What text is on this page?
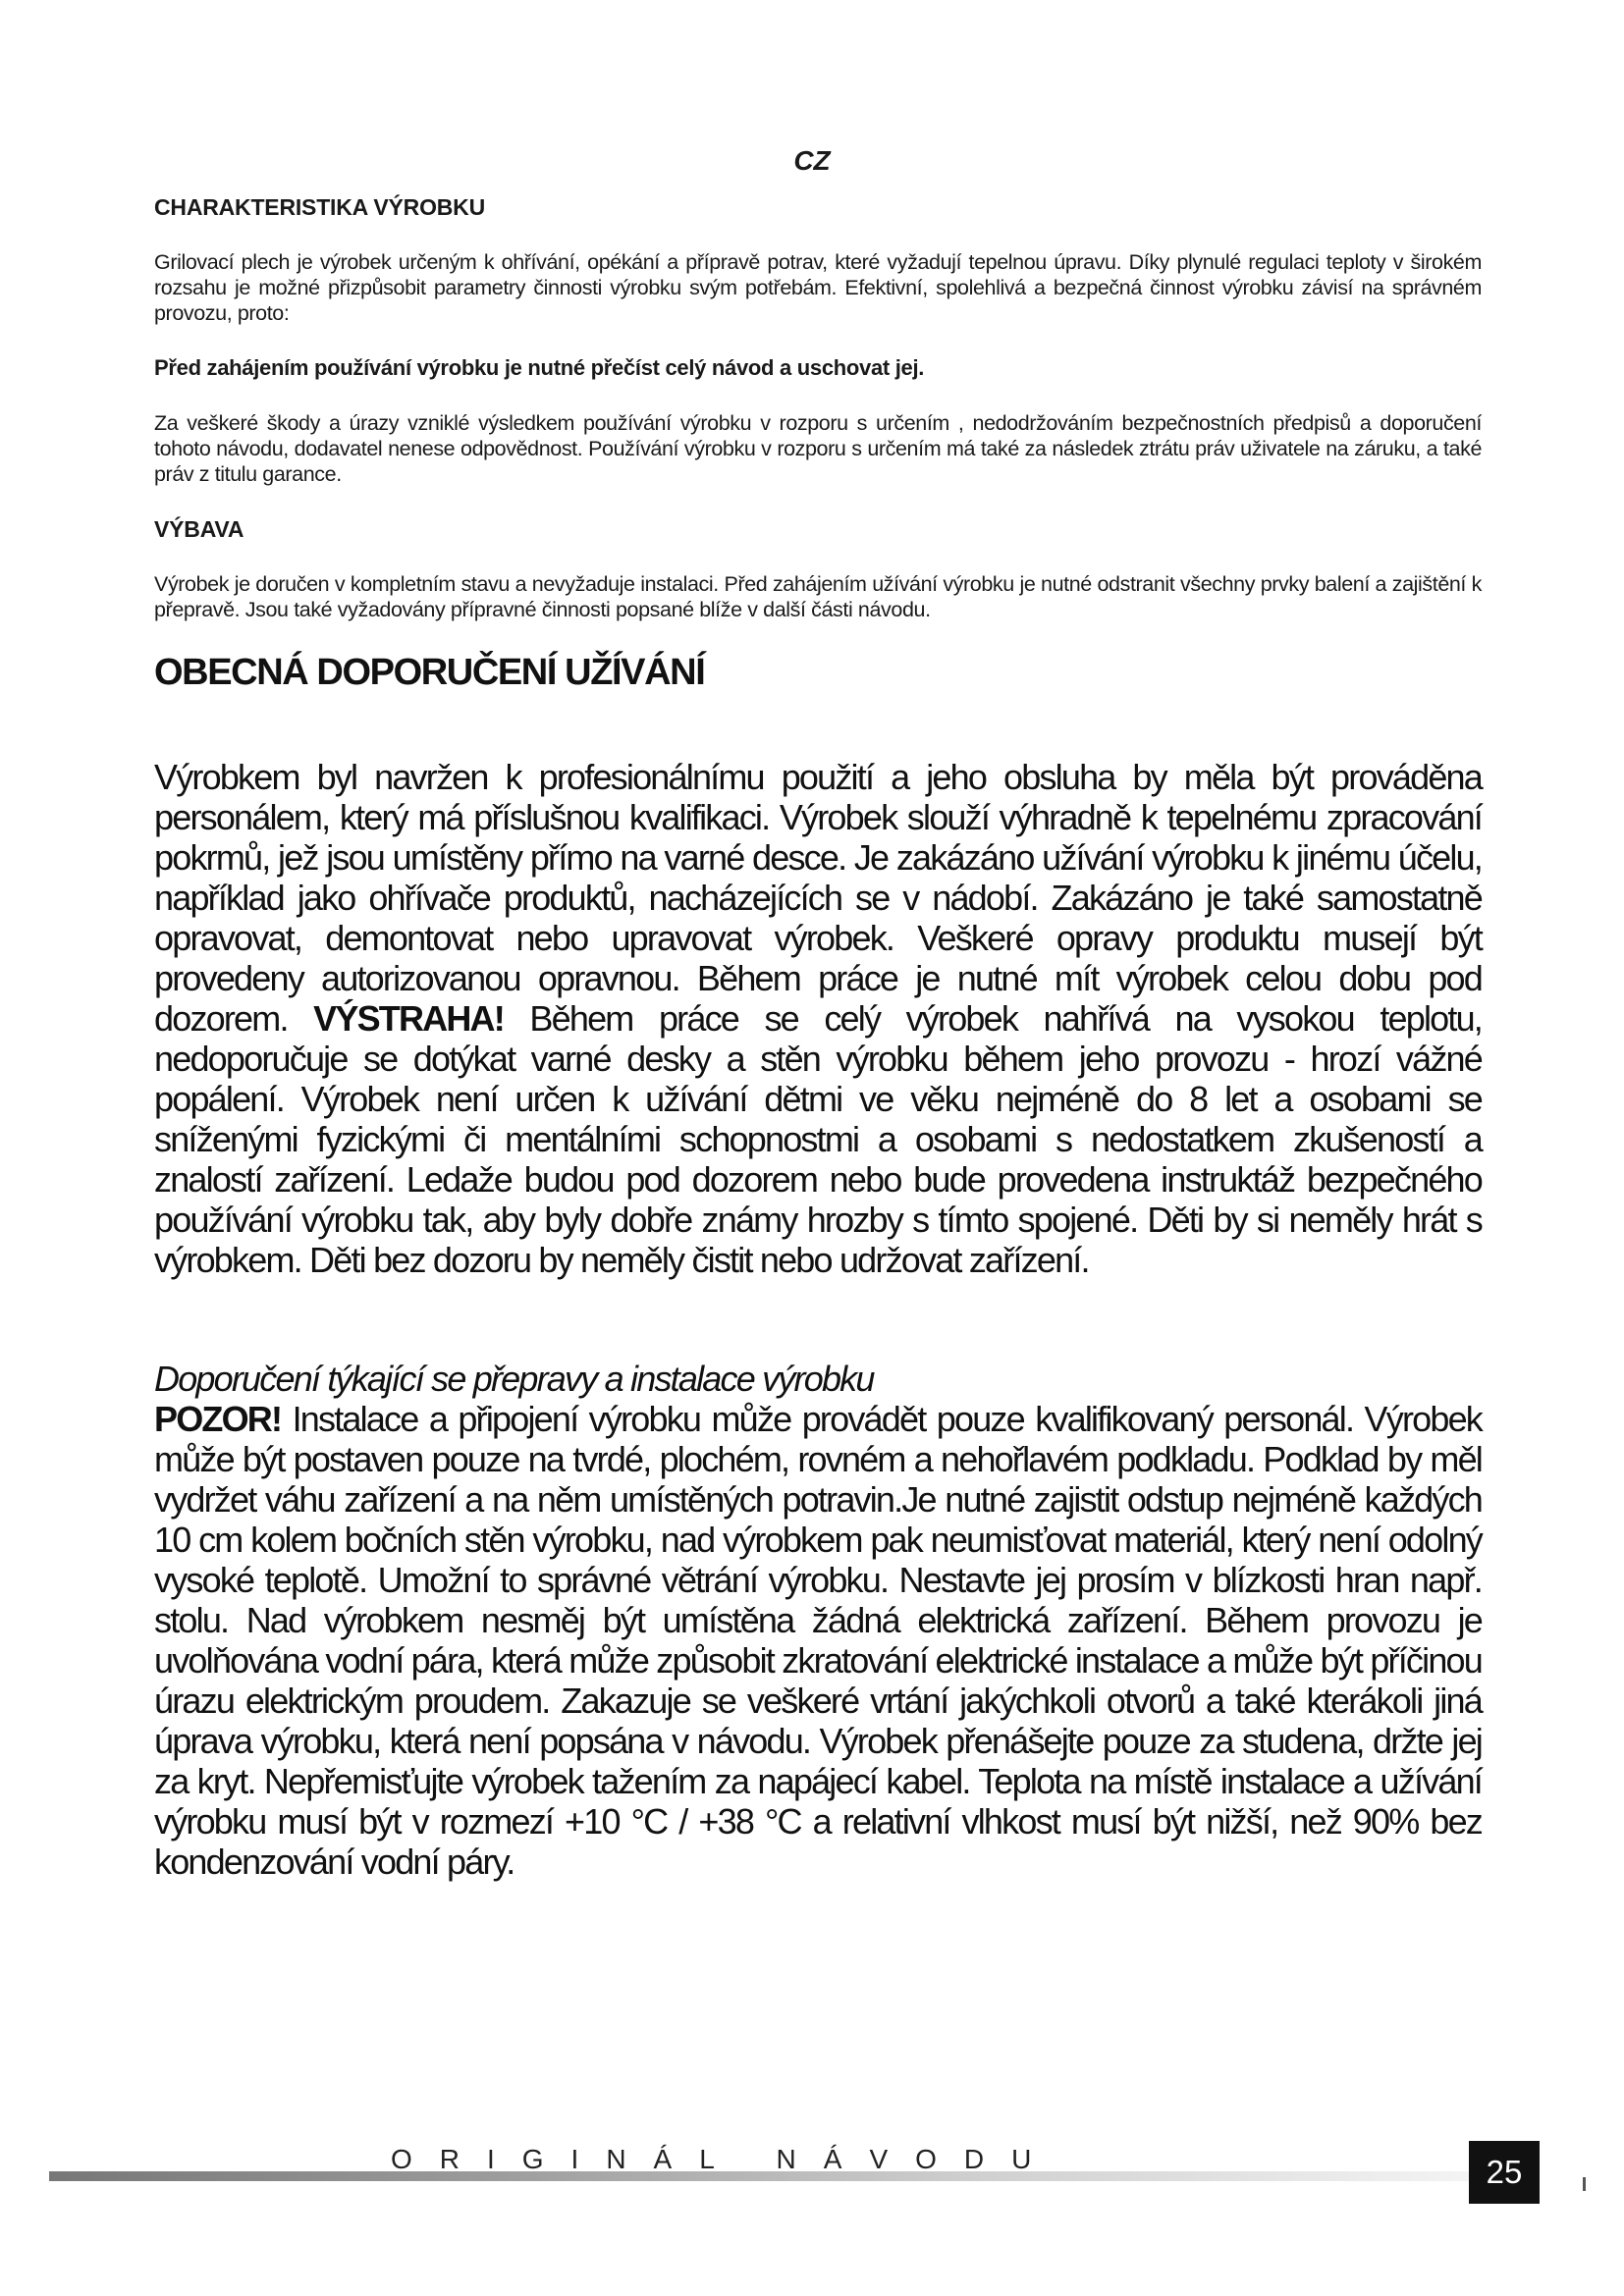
CZ
CHARAKTERISTIKA VÝROBKU

Grilovací plech je výrobek určeným k ohřívání, opékání a přípravě potrav, které vyžadují tepelnou úpravu. Díky plynulé regulaci teploty v širokém rozsahu je možné přizpůsobit parametry činnosti výrobku svým potřebám. Efektivní, spolehlivá a bezpečná činnost výrobku závisí na správném provozu, proto:

Před zahájením používání výrobku je nutné přečíst celý návod a uschovat jej.

Za veškeré škody a úrazy vzniklé výsledkem používání výrobku v rozporu s určením , nedodržováním bezpečnostních předpisů a doporučení tohoto návodu, dodavatel nenese odpovědnost. Používání výrobku v rozporu s určením má také za následek ztrátu práv uživatele na záruku, a také práv z titulu garance.

VÝBAVA

Výrobek je doručen v kompletním stavu a nevyžaduje instalaci. Před zahájením užívání výrobku je nutné odstranit všechny prvky balení a zajištění k přepravě. Jsou také vyžadovány přípravné činnosti popsané blíže v další části návodu.

OBECNÁ DOPORUČENÍ UŽÍVÁNÍ

Výrobkem byl navržen k profesionálnímu použití a jeho obsluha by měla být prováděna personálem, který má příslušnou kvalifikaci. Výrobek slouží výhradně k tepelnému zpracování pokrmů, jež jsou umístěny přímo na varné desce. Je zakázáno užívání výrobku k jinému účelu, například jako ohřívače produktů, nacházejících se v nádobí. Zakázáno je také samostatně opravovat, demontovat nebo upravovat výrobek. Veškeré opravy produktu musejí být provedeny autorizovanou opravnou. Během práce je nutné mít výrobek celou dobu pod dozorem. VÝSTRAHA! Během práce se celý výrobek nahřívá na vysokou teplotu, nedoporučuje se dotýkat varné desky a stěn výrobku během jeho provozu - hrozí vážné popálení. Výrobek není určen k užívání dětmi ve věku nejméně do 8 let a osobami se sníženými fyzickými či mentálními schopnostmi a osobami s nedostatkem zkušeností a znalostí zařízení. Ledaže budou pod dozorem nebo bude provedena instruktáž bezpečného používání výrobku tak, aby byly dobře známy hrozby s tímto spojené. Děti by si neměly hrát s výrobkem. Děti bez dozoru by neměly čistit nebo udržovat zařízení.

Doporučení týkající se přepravy a instalace výrobku

POZOR! Instalace a připojení výrobku může provádět pouze kvalifikovaný personál. Výrobek může být postaven pouze na tvrdé, plochém, rovném a nehořlavém podkladu. Podklad by měl vydržet váhu zařízení a na něm umístěných potravin.Je nutné zajistit odstup nejméně každých 10 cm kolem bočních stěn výrobku, nad výrobkem pak neumisťovat materiál, který není odolný vysoké teplotě. Umožní to správné větrání výrobku. Nestavte jej prosím v blízkosti hran např. stolu. Nad výrobkem nesměj být umístěna žádná elektrická zařízení. Během provozu je uvolňována vodní pára, která může způsobit zkratování elektrické instalace a může být příčinou úrazu elektrickým proudem. Zakazuje se veškeré vrtání jakýchkoli otvorů a také kterákoli jiná úprava výrobku, která není popsána v návodu. Výrobek přenášejte pouze za studena, držte jej za kryt. Nepřemisťujte výrobek tažením za napájecí kabel. Teplota na místě instalace a užívání výrobku musí být v rozmezí +10 °C / +38 °C a relativní vlhkost musí být nižší, než 90% bez kondenzování vodní páry.

ORIGINÁL NÁVODU	25
